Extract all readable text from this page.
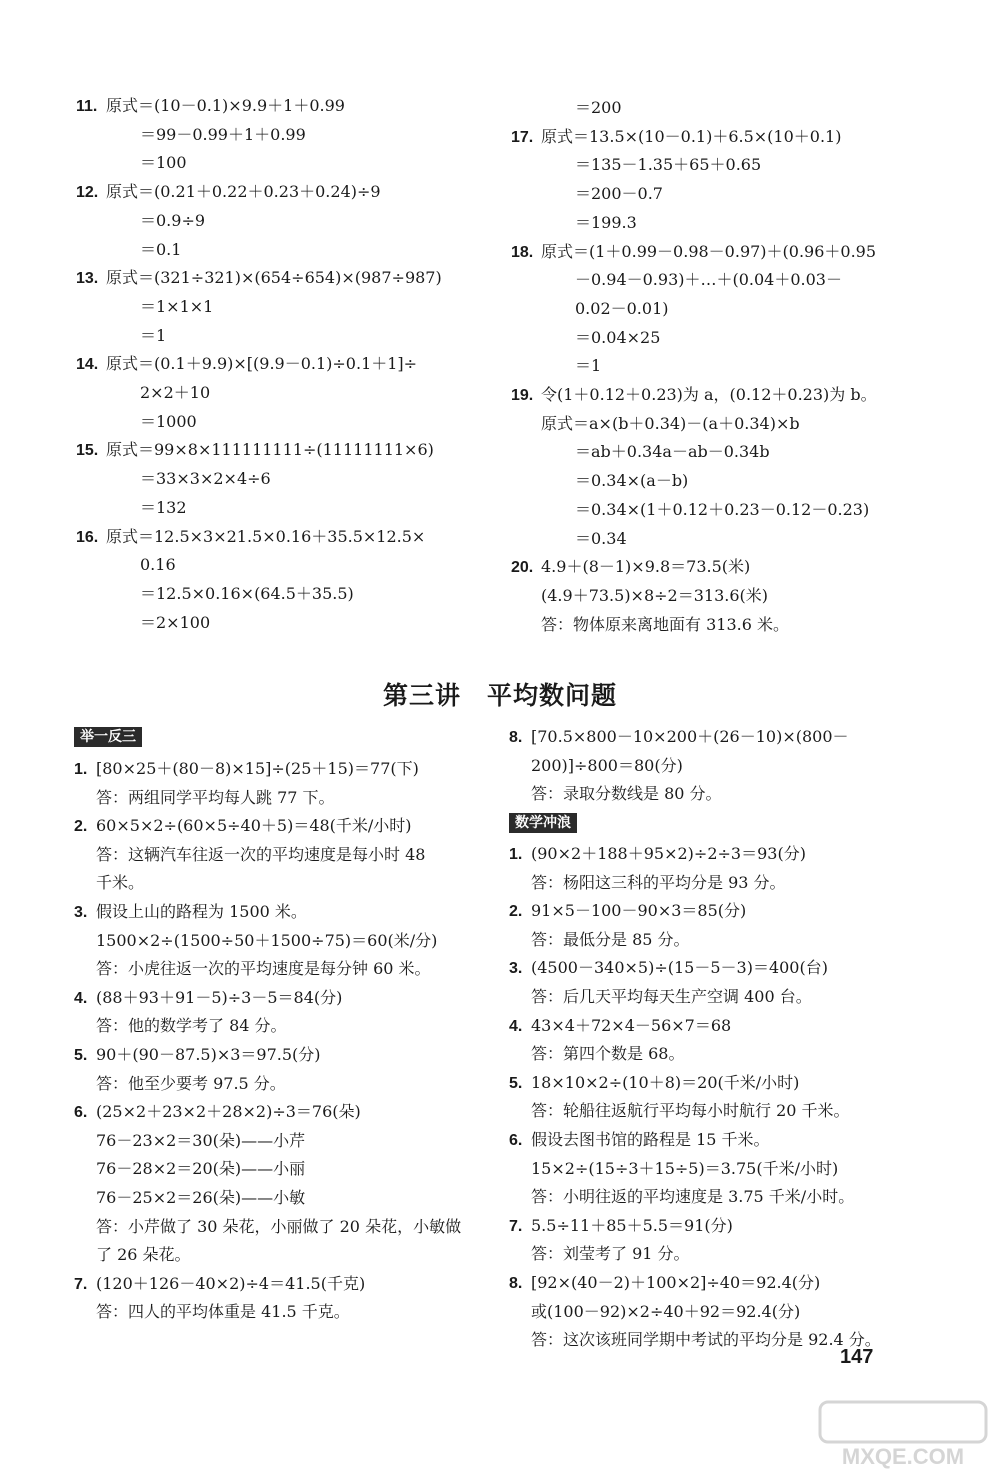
11. 原式＝(10－0.1)×9.9＋1＋0.99
＝99－0.99＋1＋0.99
＝100
12. 原式＝(0.21＋0.22＋0.23＋0.24)÷9
＝0.9÷9
＝0.1
13. 原式＝(321÷321)×(654÷654)×(987÷987)
＝1×1×1
＝1
14. 原式＝(0.1＋9.9)×[(9.9－0.1)÷0.1＋1]÷
2×2＋10
＝1000
15. 原式＝99×8×111111111÷(11111111×6)
＝33×3×2×4÷6
＝132
16. 原式＝12.5×3×21.5×0.16＋35.5×12.5×
0.16
＝12.5×0.16×(64.5＋35.5)
＝2×100
＝200
17. 原式＝13.5×(10－0.1)＋6.5×(10＋0.1)
＝135－1.35＋65＋0.65
＝200－0.7
＝199.3
18. 原式＝(1＋0.99－0.98－0.97)＋(0.96＋0.95
－0.94－0.93)＋…＋(0.04＋0.03－
0.02－0.01)
＝0.04×25
＝1
19. 令(1＋0.12＋0.23)为 a，(0.12＋0.23)为 b。
原式＝a×(b＋0.34)－(a＋0.34)×b
＝ab＋0.34a－ab－0.34b
＝0.34×(a－b)
＝0.34×(1＋0.12＋0.23－0.12－0.23)
＝0.34
20. 4.9＋(8－1)×9.8＝73.5(米)
(4.9＋73.5)×8÷2＝313.6(米)
答：物体原来离地面有 313.6 米。
第三讲　平均数问题
举一反三
数学冲浪
1. [80×25＋(80－8)×15]÷(25＋15)＝77(下)
答：两组同学平均每人跳 77 下。
2. 60×5×2÷(60×5÷40＋5)＝48(千米/小时)
答：这辆汽车往返一次的平均速度是每小时 48
千米。
3. 假设上山的路程为 1500 米。
1500×2÷(1500÷50＋1500÷75)＝60(米/分)
答：小虎往返一次的平均速度是每分钟 60 米。
4. (88＋93＋91－5)÷3－5＝84(分)
答：他的数学考了 84 分。
5. 90＋(90－87.5)×3＝97.5(分)
答：他至少要考 97.5 分。
6. (25×2＋23×2＋28×2)÷3＝76(朵)
76－23×2＝30(朵)——小芹
76－28×2＝20(朵)——小丽
76－25×2＝26(朵)——小敏
答：小芹做了 30 朵花，小丽做了 20 朵花，小敏做
了 26 朵花。
7. (120＋126－40×2)÷4＝41.5(千克)
答：四人的平均体重是 41.5 千克。
8. [70.5×800－10×200＋(26－10)×(800－
200)]÷800＝80(分)
答：录取分数线是 80 分。
1. (90×2＋188＋95×2)÷2÷3＝93(分)
答：杨阳这三科的平均分是 93 分。
2. 91×5－100－90×3＝85(分)
答：最低分是 85 分。
3. (4500－340×5)÷(15－5－3)＝400(台)
答：后几天平均每天生产空调 400 台。
4. 43×4＋72×4－56×7＝68
答：第四个数是 68。
5. 18×10×2÷(10＋8)＝20(千米/小时)
答：轮船往返航行平均每小时航行 20 千米。
6. 假设去图书馆的路程是 15 千米。
15×2÷(15÷3＋15÷5)＝3.75(千米/小时)
答：小明往返的平均速度是 3.75 千米/小时。
7. 5.5÷11＋85＋5.5＝91(分)
答：刘莹考了 91 分。
8. [92×(40－2)＋100×2]÷40＝92.4(分)
或(100－92)×2÷40＋92＝92.4(分)
答：这次该班同学期中考试的平均分是 92.4 分。
147
MXQE.COM
